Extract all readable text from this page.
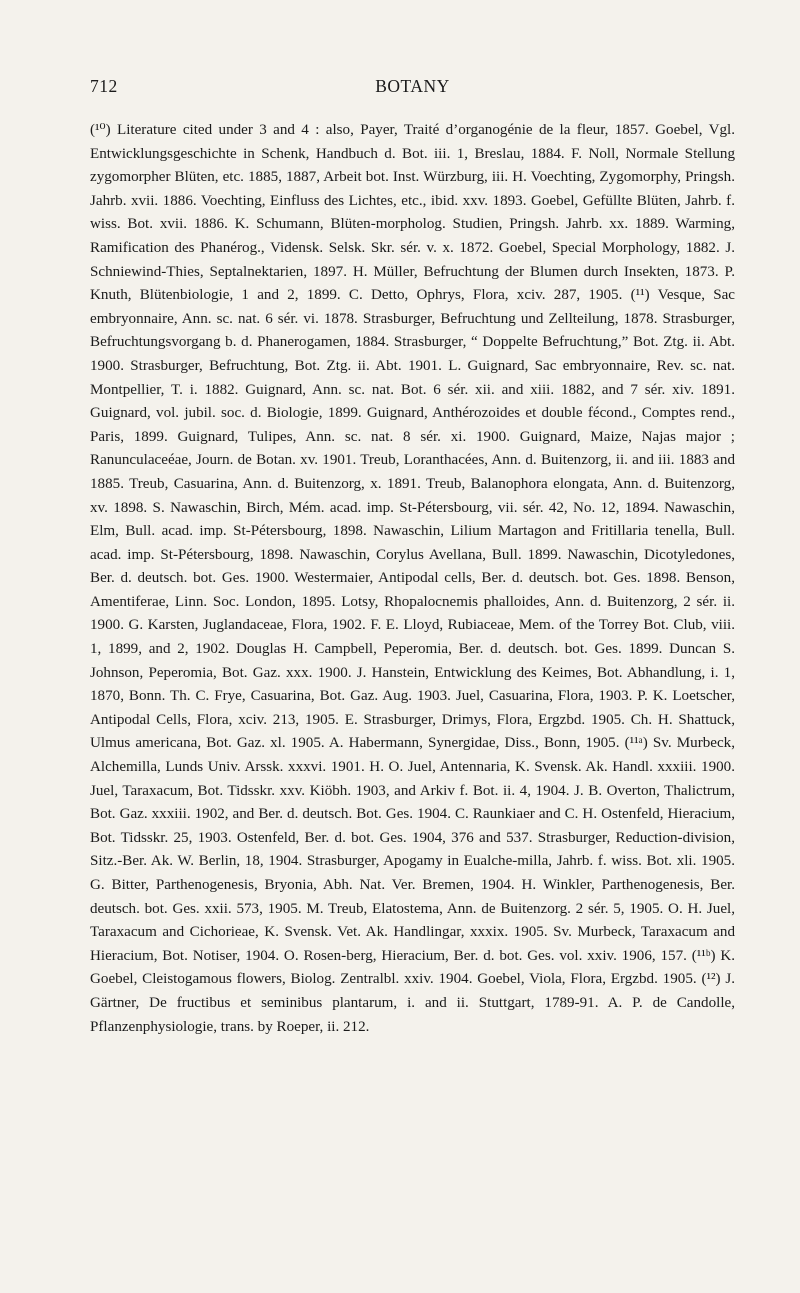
712	BOTANY

(¹⁰) Literature cited under 3 and 4 : also, Payer, Traité d’organogénie de la fleur, 1857. Goebel, Vgl. Entwicklungsgeschichte in Schenk, Handbuch d. Bot. iii. 1, Breslau, 1884. F. Noll, Normale Stellung zygomorpher Blüten, etc. 1885, 1887, Arbeit bot. Inst. Würzburg, iii. H. Voechting, Zygomorphy, Pringsh. Jahrb. xvii. 1886. Voechting, Einfluss des Lichtes, etc., ibid. xxv. 1893. Goebel, Gefüllte Blüten, Jahrb. f. wiss. Bot. xvii. 1886. K. Schumann, Blüten-morpholog. Studien, Pringsh. Jahrb. xx. 1889. Warming, Ramification des Phanérog., Vidensk. Selsk. Skr. sér. v. x. 1872. Goebel, Special Morphology, 1882. J. Schniewind-Thies, Septalnektarien, 1897. H. Müller, Befruchtung der Blumen durch Insekten, 1873. P. Knuth, Blütenbiologie, 1 and 2, 1899. C. Detto, Ophrys, Flora, xciv. 287, 1905. (¹¹) Vesque, Sac embryonnaire, Ann. sc. nat. 6 sér. vi. 1878. Strasburger, Befruchtung und Zellteilung, 1878. Strasburger, Befruchtungsvorgang b. d. Phanerogamen, 1884. Strasburger, “ Doppelte Befruchtung,” Bot. Ztg. ii. Abt. 1900. Strasburger, Befruchtung, Bot. Ztg. ii. Abt. 1901. L. Guignard, Sac embryonnaire, Rev. sc. nat. Montpellier, T. i. 1882. Guignard, Ann. sc. nat. Bot. 6 sér. xii. and xiii. 1882, and 7 sér. xiv. 1891. Guignard, vol. jubil. soc. d. Biologie, 1899. Guignard, Anthérozoides et double fécond., Comptes rend., Paris, 1899. Guignard, Tulipes, Ann. sc. nat. 8 sér. xi. 1900. Guignard, Maize, Najas major ; Ranunculaceéae, Journ. de Botan. xv. 1901. Treub, Loranthacées, Ann. d. Buitenzorg, ii. and iii. 1883 and 1885. Treub, Casuarina, Ann. d. Buitenzorg, x. 1891. Treub, Balanophora elongata, Ann. d. Buitenzorg, xv. 1898. S. Nawaschin, Birch, Mém. acad. imp. St-Pétersbourg, vii. sér. 42, No. 12, 1894. Nawaschin, Elm, Bull. acad. imp. St-Pétersbourg, 1898. Nawaschin, Lilium Martagon and Fritillaria tenella, Bull. acad. imp. St-Pétersbourg, 1898. Nawaschin, Corylus Avellana, Bull. 1899. Nawaschin, Dicotyledones, Ber. d. deutsch. bot. Ges. 1900. Westermaier, Antipodal cells, Ber. d. deutsch. bot. Ges. 1898. Benson, Amentiferae, Linn. Soc. London, 1895. Lotsy, Rhopalocnemis phalloides, Ann. d. Buitenzorg, 2 sér. ii. 1900. G. Karsten, Juglandaceae, Flora, 1902. F. E. Lloyd, Rubiaceae, Mem. of the Torrey Bot. Club, viii. 1, 1899, and 2, 1902. Douglas H. Campbell, Peperomia, Ber. d. deutsch. bot. Ges. 1899. Duncan S. Johnson, Peperomia, Bot. Gaz. xxx. 1900. J. Hanstein, Entwicklung des Keimes, Bot. Abhandlung, i. 1, 1870, Bonn. Th. C. Frye, Casuarina, Bot. Gaz. Aug. 1903. Juel, Casuarina, Flora, 1903. P. K. Loetscher, Antipodal Cells, Flora, xciv. 213, 1905. E. Strasburger, Drimys, Flora, Ergzbd. 1905. Ch. H. Shattuck, Ulmus americana, Bot. Gaz. xl. 1905. A. Habermann, Synergidae, Diss., Bonn, 1905. (¹¹ᵃ) Sv. Murbeck, Alchemilla, Lunds Univ. Arssk. xxxvi. 1901. H. O. Juel, Antennaria, K. Svensk. Ak. Handl. xxxiii. 1900. Juel, Taraxacum, Bot. Tidsskr. xxv. Kiöbh. 1903, and Arkiv f. Bot. ii. 4, 1904. J. B. Overton, Thalictrum, Bot. Gaz. xxxiii. 1902, and Ber. d. deutsch. Bot. Ges. 1904. C. Raunkiaer and C. H. Ostenfeld, Hieracium, Bot. Tidsskr. 25, 1903. Ostenfeld, Ber. d. bot. Ges. 1904, 376 and 537. Strasburger, Reduction-division, Sitz.-Ber. Ak. W. Berlin, 18, 1904. Strasburger, Apogamy in Eualche-milla, Jahrb. f. wiss. Bot. xli. 1905. G. Bitter, Parthenogenesis, Bryonia, Abh. Nat. Ver. Bremen, 1904. H. Winkler, Parthenogenesis, Ber. deutsch. bot. Ges. xxii. 573, 1905. M. Treub, Elatostema, Ann. de Buitenzorg. 2 sér. 5, 1905. O. H. Juel, Taraxacum and Cichorieae, K. Svensk. Vet. Ak. Handlingar, xxxix. 1905. Sv. Murbeck, Taraxacum and Hieracium, Bot. Notiser, 1904. O. Rosen-berg, Hieracium, Ber. d. bot. Ges. vol. xxiv. 1906, 157. (¹¹ᵇ) K. Goebel, Cleistogamous flowers, Biolog. Zentralbl. xxiv. 1904. Goebel, Viola, Flora, Ergzbd. 1905. (¹²) J. Gärtner, De fructibus et seminibus plantarum, i. and ii. Stuttgart, 1789-91. A. P. de Candolle, Pflanzenphysiologie, trans. by Roeper, ii. 212.
